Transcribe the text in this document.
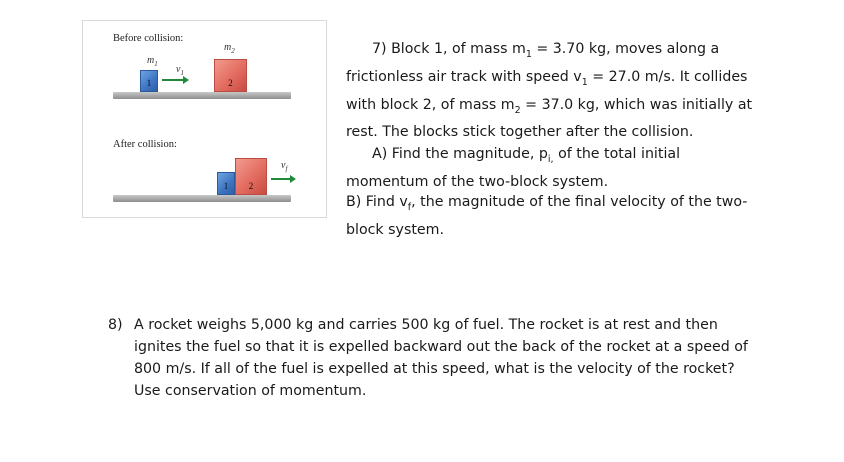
Before collision:
$m_1$ $v_1$
$m_2$
1	2
After collision:
$v_f$
1 2

7) Block 1, of mass $m_1 = 3.70$ kg, moves along a

frictionless air track with speed $v_1 = 27.0$ m/s. It collides

with block 2, of mass $m_2 = 37.0$ kg, which was initially at

rest. The blocks stick together after the collision.

A) Find the magnitude, $p_{i,}$ of the total initial

momentum of the two-block system.

B) Find $v_f$, the magnitude of the final velocity of the two-

block system.

8) A rocket weighs 5,000 kg and carries 500 kg of fuel. The rocket is at rest and then

ignites the fuel so that it is expelled backward out the back of the rocket at a speed of

800 m/s. If all of the fuel is expelled at this speed, what is the velocity of the rocket?

Use conservation of momentum.
